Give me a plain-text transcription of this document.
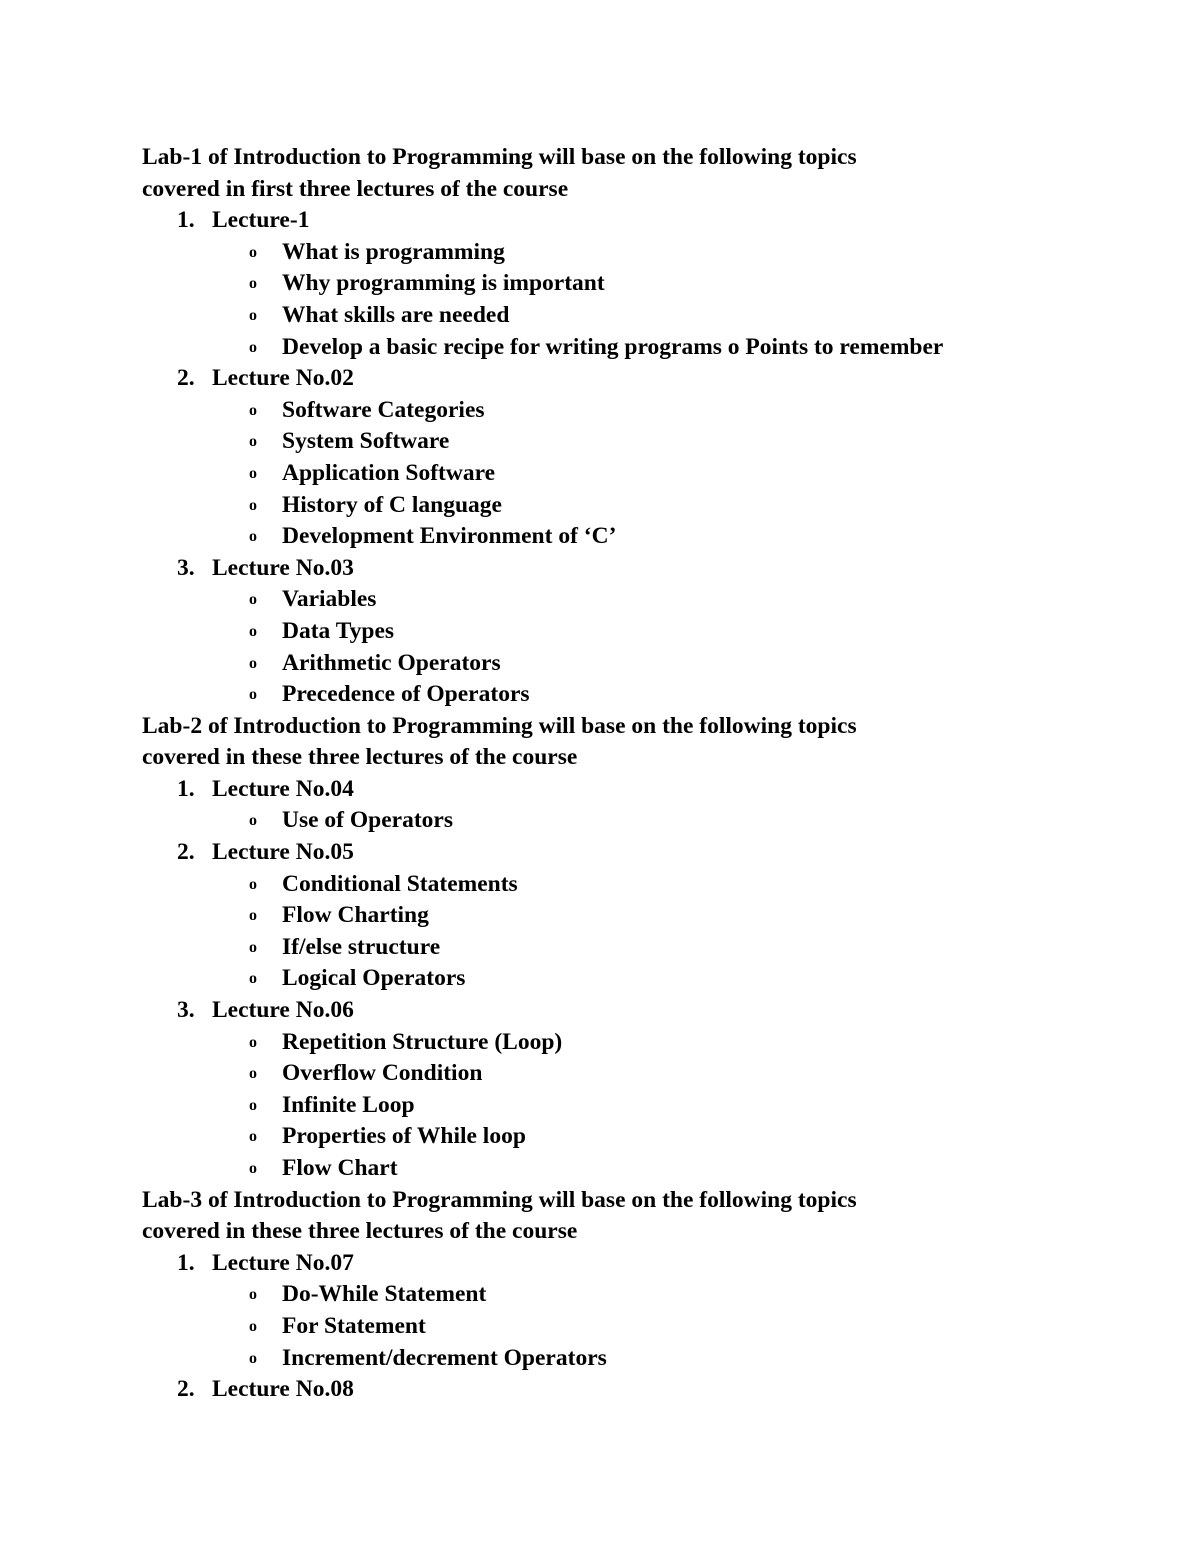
Lab-1 of Introduction to Programming will base on the following topics
covered in first three lectures of the course
1. Lecture-1
o What is programming
o Why programming is important
o What skills are needed
o Develop a basic recipe for writing programs o Points to remember
2. Lecture No.02
o Software Categories
o System Software
o Application Software
o History of C language
o Development Environment of ‘C’
3. Lecture No.03
o Variables
o Data Types
o Arithmetic Operators
o Precedence of Operators
Lab-2 of Introduction to Programming will base on the following topics
covered in these three lectures of the course
1. Lecture No.04
o Use of Operators
2. Lecture No.05
o Conditional Statements
o Flow Charting
o If/else structure
o Logical Operators
3. Lecture No.06
o Repetition Structure (Loop)
o Overflow Condition
o Infinite Loop
o Properties of While loop
o Flow Chart
Lab-3 of Introduction to Programming will base on the following topics
covered in these three lectures of the course
1. Lecture No.07
o Do-While Statement
o For Statement
o Increment/decrement Operators
2. Lecture No.08
